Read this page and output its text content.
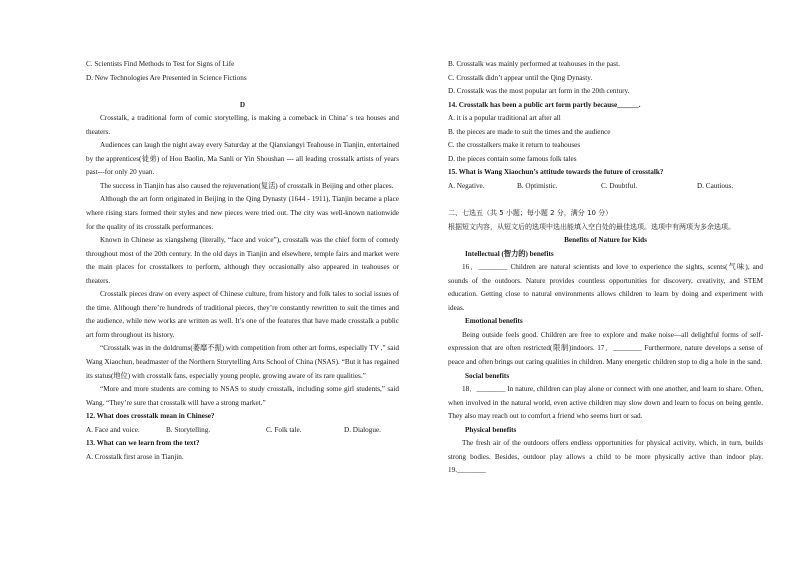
C. Scientists Find Methods to Test for Signs of Life

D. New Technologies Are Presented in Science Fictions

D

Crosstalk, a traditional form of comic storytelling, is making a comeback in China’ s tea houses and theaters.

Audiences can laugh the night away every Saturday at the Qianxiangyi Teahouse in Tianjin, entertained by the apprentices(徒弟) of Hou Baolin, Ma Sanli or Yin Shoushan --- all leading crosstalk artists of years past---for only 20 yuan.

The success in Tianjin has also caused the rejuvenation(复活) of crosstalk in Beijing and other places.

Although the art form originated in Beijing in the Qing Dynasty (1644 - 1911), Tianjin became a place where rising stars formed their styles and new pieces were tried out. The city was well-known nationwide for the quality of its crosstalk performances.

Known in Chinese as xiangsheng (literally, “face and voice”), crosstalk was the chief form of comedy throughout most of the 20th century. In the old days in Tianjin and elsewhere, temple fairs and market were the main places for crosstalkers to perform, although they occasionally also appeared in teahouses or theaters.

Crosstalk pieces draw on every aspect of Chinese culture, from history and folk tales to social issues of the time. Although there’re hundreds of traditional pieces, they’re constantly rewritten to suit the times and the audience, while new works are written as well. It’s one of the features that have made crosstalk a public art form throughout its history.

“Crosstalk was in the doldrums(萎靡不振) with competition from other art forms, especially TV ,” said Wang Xiaochun, headmaster of the Northern Storytelling Arts School of China (NSAS). “But it has regained its status(地位) with crosstalk fans, especially young people, growing aware of its rare qualities.”

“More and more students are coming to NSAS to study crosstalk, including some girl students,” said Wang. “They’re sure that crosstalk will have a strong market.”

12. What does crosstalk mean in Chinese?

A. Face and voice.	B. Storytelling.	C. Folk tale.	D. Dialogue.

13. What can we learn from the text?

A. Crosstalk first arose in Tianjin.

B. Crosstalk was mainly performed at teahouses in the past.

C. Crosstalk didn’t appear until the Qing Dynasty.

D. Crosstalk was the most popular art form in the 20th century.

14. Crosstalk has been a public art form partly because______.

A. it is a popular traditional art after all

B. the pieces are made to suit the times and the audience

C. the crosstalkers make it return to teahouses

D. the pieces contain some famous folk tales

15. What is Wang Xiaochun’s attitude towards the future of crosstalk?

A. Negative.	B. Optimistic.	C. Doubtful.	D. Cautious.

二、七选五（共 5 小题；每小题 2 分，满分 10 分）

根据短文内容，从短文后的选项中选出能填入空白处的最佳选项。选项中有两项为多余选项。

Benefits of Nature for Kids

Intellectual (智力的) benefits

16．________ Children are natural scientists and love to experience the sights, scents(气味), and sounds of the outdoors. Nature provides countless opportunities for discovery, creativity, and STEM education. Getting close to natural environments allows children to learn by doing and experiment with ideas.

Emotional benefits

Being outside feels good. Children are free to explore and make noise—all delightful forms of self-expression that are often restricted(限制)indoors. 17．________ Furthermore, nature develops a sense of peace and often brings out caring qualities in children. Many energetic children stop to dig a hole in the sand.

Social benefits

18．________ In nature, children can play alone or connect with one another, and learn to share. Often, when involved in the natural world, even active children may slow down and learn to focus on being gentle. They also may reach out to comfort a friend who seems hurt or sad.

Physical benefits

The fresh air of the outdoors offers endless opportunities for physical activity, which, in turn, builds strong bodies. Besides, outdoor play allows a child to be more physically active than indoor play. 19.________
